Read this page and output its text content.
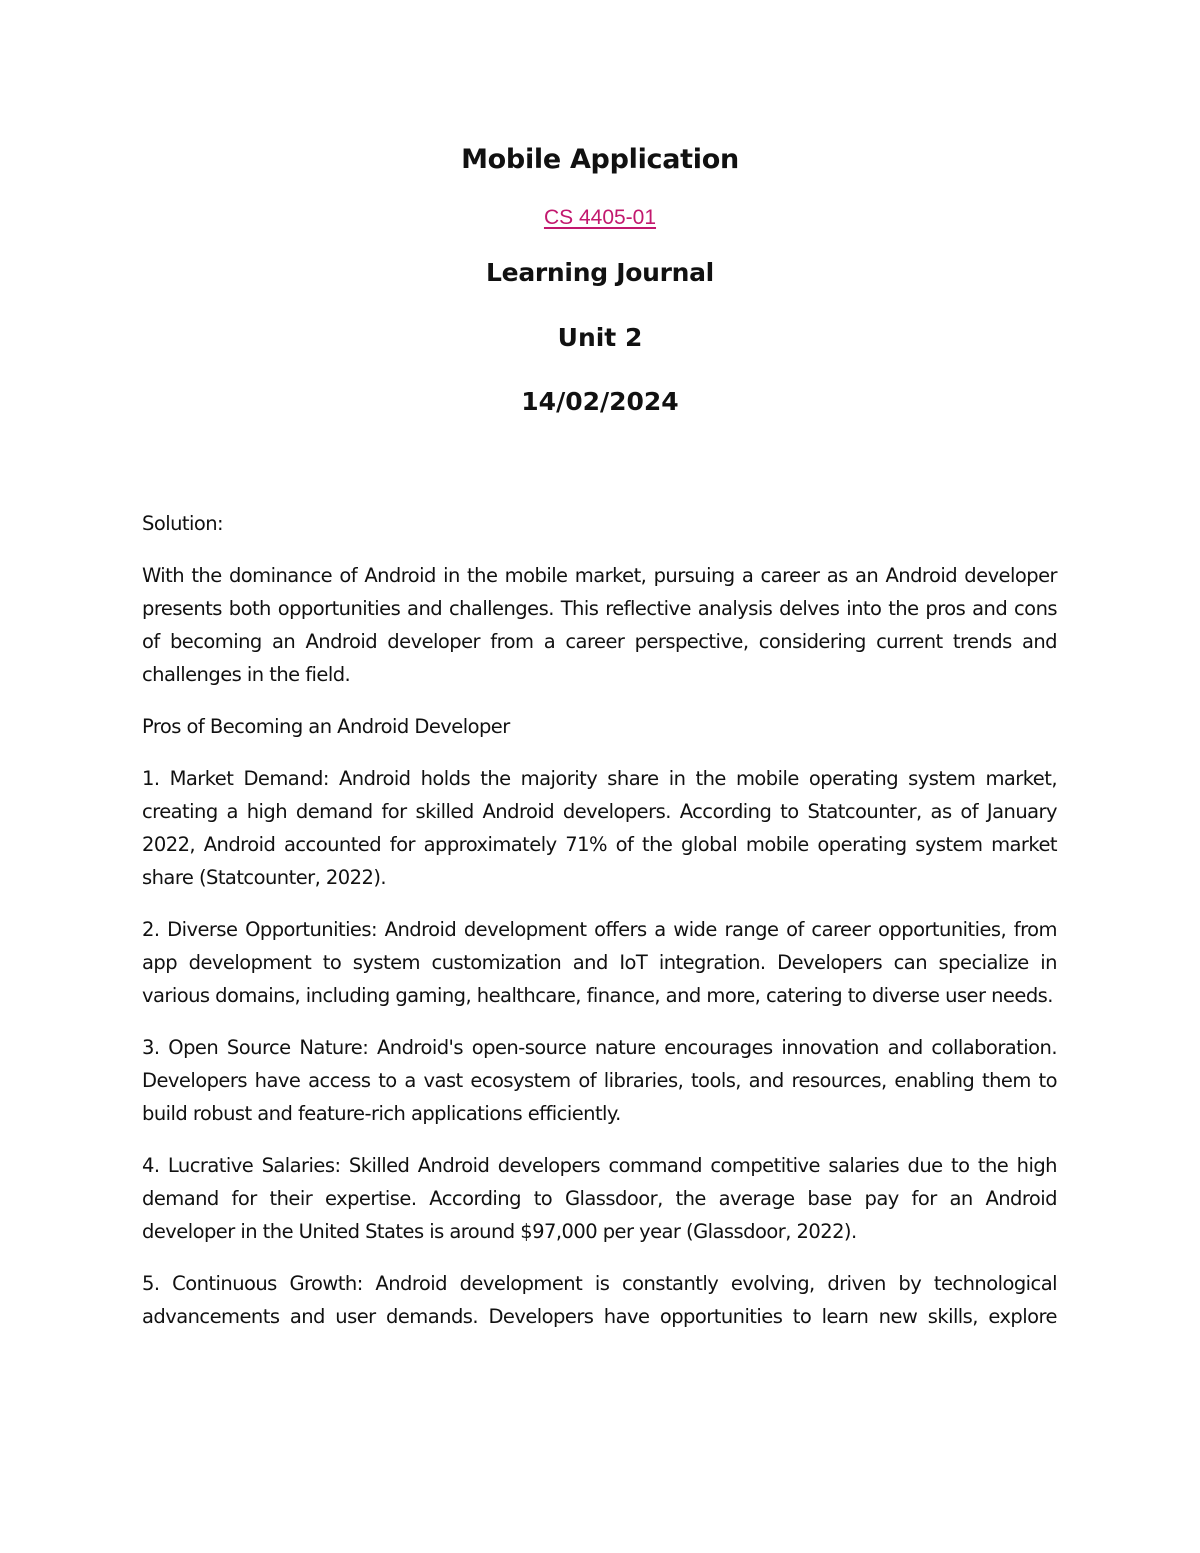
Mobile Application
CS 4405-01
Learning Journal
Unit 2
14/02/2024

Solution:

With the dominance of Android in the mobile market, pursuing a career as an Android developer presents both opportunities and challenges. This reflective analysis delves into the pros and cons of becoming an Android developer from a career perspective, considering current trends and challenges in the field.

Pros of Becoming an Android Developer

1. Market Demand: Android holds the majority share in the mobile operating system market, creating a high demand for skilled Android developers. According to Statcounter, as of January 2022, Android accounted for approximately 71% of the global mobile operating system market share (Statcounter, 2022).

2. Diverse Opportunities: Android development offers a wide range of career opportunities, from app development to system customization and IoT integration. Developers can specialize in various domains, including gaming, healthcare, finance, and more, catering to diverse user needs.

3. Open Source Nature: Android's open-source nature encourages innovation and collaboration. Developers have access to a vast ecosystem of libraries, tools, and resources, enabling them to build robust and feature-rich applications efficiently.

4. Lucrative Salaries: Skilled Android developers command competitive salaries due to the high demand for their expertise. According to Glassdoor, the average base pay for an Android developer in the United States is around $97,000 per year (Glassdoor, 2022).

5. Continuous Growth: Android development is constantly evolving, driven by technological advancements and user demands. Developers have opportunities to learn new skills, explore
